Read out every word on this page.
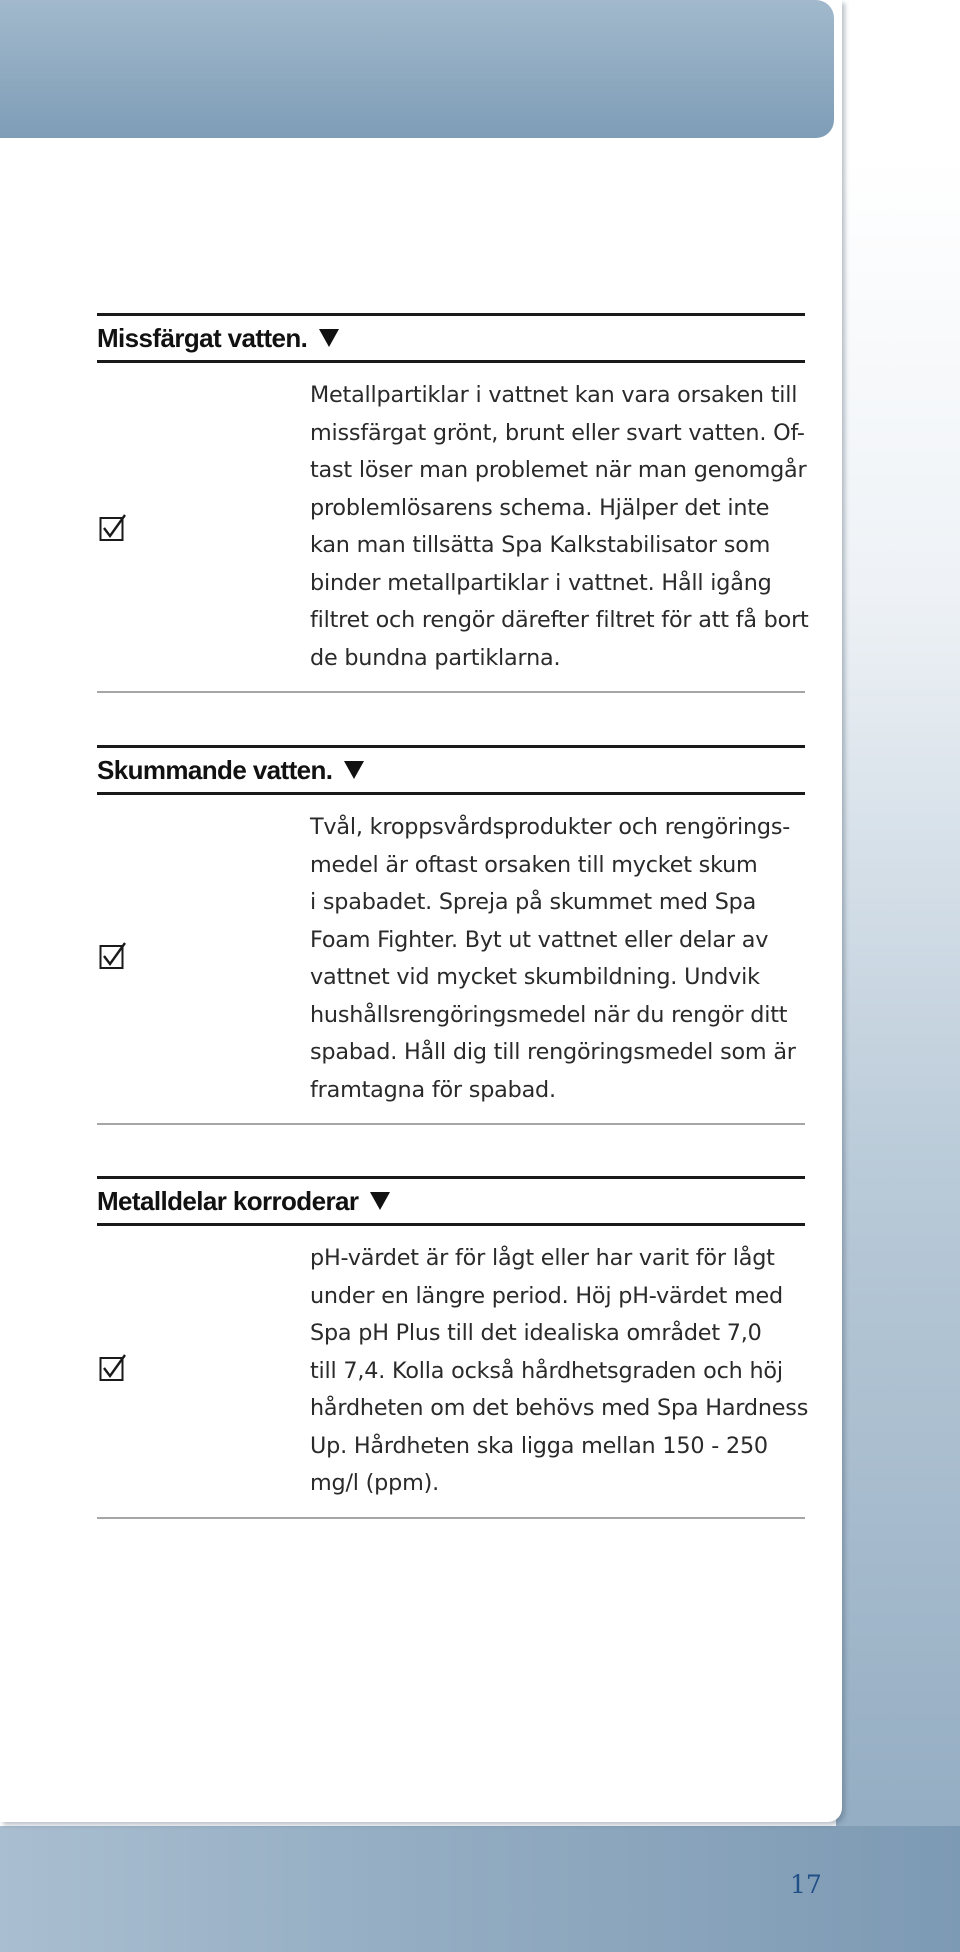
Missfärgat vatten.
Metallpartiklar i vattnet kan vara orsaken till
missfärgat grönt, brunt eller svart vatten. Of-
tast löser man problemet när man genomgår
problemlösarens schema. Hjälper det inte
kan man tillsätta Spa Kalkstabilisator som
binder metallpartiklar i vattnet. Håll igång
filtret och rengör därefter filtret för att få bort
de bundna partiklarna.
Skummande vatten.
Tvål, kroppsvårdsprodukter och rengörings-
medel är oftast orsaken till mycket skum
i spabadet. Spreja på skummet med Spa
Foam Fighter. Byt ut vattnet eller delar av
vattnet vid mycket skumbildning. Undvik
hushållsrengöringsmedel när du rengör ditt
spabad. Håll dig till rengöringsmedel som är
framtagna för spabad.
Metalldelar korroderar
pH-värdet är för lågt eller har varit för lågt
under en längre period. Höj pH-värdet med
Spa pH Plus till det idealiska området 7,0
till 7,4. Kolla också hårdhetsgraden och höj
hårdheten om det behövs med Spa Hardness
Up. Hårdheten ska ligga mellan 150 - 250
mg/l (ppm).
17
